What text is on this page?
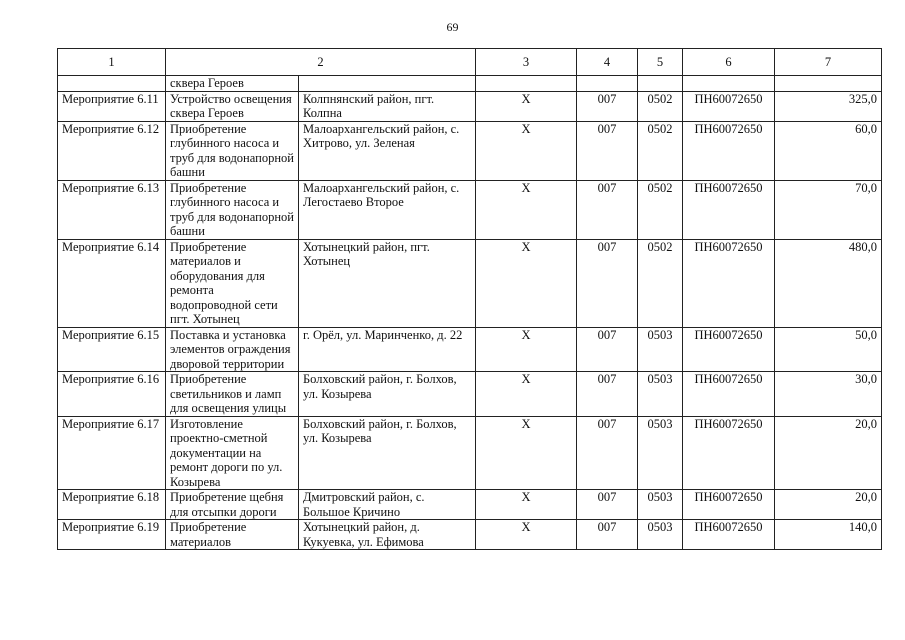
69
1	2		3	4	5	6	7
	сквера Героев						
Мероприятие 6.11	Устройство освещения сквера Героев	Колпнянский район, пгт. Колпна	X	007	0502	ПН60072650	325,0
Мероприятие 6.12	Приобретение глубинного насоса и труб для водонапорной башни	Малоархангельский район, с. Хитрово, ул. Зеленая	X	007	0502	ПН60072650	60,0
Мероприятие 6.13	Приобретение глубинного насоса и труб для водонапорной башни	Малоархангельский район, с. Легостаево Второе	X	007	0502	ПН60072650	70,0
Мероприятие 6.14	Приобретение материалов и оборудования для ремонта водопроводной сети пгт. Хотынец	Хотынецкий район, пгт. Хотынец	X	007	0502	ПН60072650	480,0
Мероприятие 6.15	Поставка и установка элементов ограждения дворовой территории	г. Орёл, ул. Маринченко, д. 22	X	007	0503	ПН60072650	50,0
Мероприятие 6.16	Приобретение светильников и ламп для освещения улицы	Болховский район, г. Болхов, ул. Козырева	X	007	0503	ПН60072650	30,0
Мероприятие 6.17	Изготовление проектно-сметной документации на ремонт дороги по ул. Козырева	Болховский район, г. Болхов, ул. Козырева	X	007	0503	ПН60072650	20,0
Мероприятие 6.18	Приобретение щебня для отсыпки дороги	Дмитровский район, с. Большое Кричино	X	007	0503	ПН60072650	20,0
Мероприятие 6.19	Приобретение материалов	Хотынецкий район, д. Кукуевка, ул. Ефимова	X	007	0503	ПН60072650	140,0
